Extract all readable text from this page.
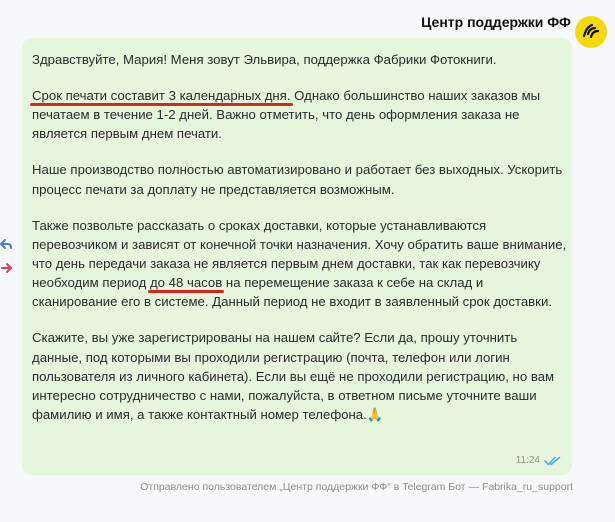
Центр поддержки ФФ

Здравствуйте, Мария! Меня зовут Эльвира, поддержка Фабрики Фотокниги.

Срок печати составит 3 календарных дня. Однако большинство наших заказов мы печатаем в течение 1-2 дней. Важно отметить, что день оформления заказа не является первым днем печати.

Наше производство полностью автоматизировано и работает без выходных. Ускорить процесс печати за доплату не представляется возможным.

Также позвольте рассказать о сроках доставки, которые устанавливаются перевозчиком и зависят от конечной точки назначения. Хочу обратить ваше внимание, что день передачи заказа не является первым днем доставки, так как перевозчику необходим период до 48 часов на перемещение заказа к себе на склад и сканирование его в системе. Данный период не входит в заявленный срок доставки.

Скажите, вы уже зарегистрированы на нашем сайте? Если да, прошу уточнить данные, под которыми вы проходили регистрацию (почта, телефон или логин пользователя из личного кабинета). Если вы ещё не проходили регистрацию, но вам интересно сотрудничество с нами, пожалуйста, в ответном письме уточните ваши фамилию и имя, а также контактный номер телефона.🙏

11:24
Отправлено пользователем „Центр поддержки ФФ“ в Telegram Бот — Fabrika_ru_support
